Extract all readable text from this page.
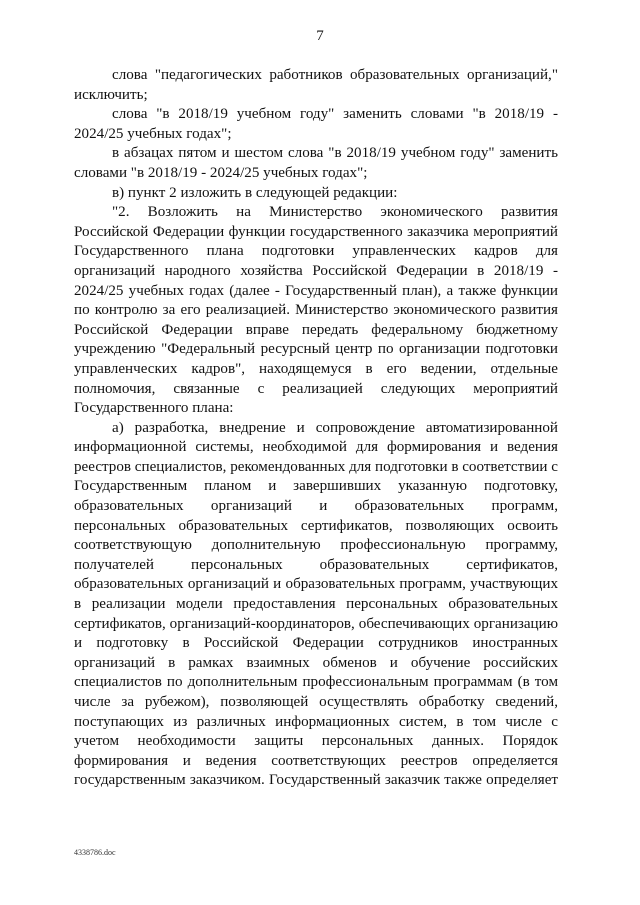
7

слова "педагогических работников образовательных организаций," исключить;

слова "в 2018/19 учебном году" заменить словами "в 2018/19 - 2024/25 учебных годах";

в абзацах пятом и шестом слова "в 2018/19 учебном году" заменить словами "в 2018/19 - 2024/25 учебных годах";

в) пункт 2 изложить в следующей редакции:

"2. Возложить на Министерство экономического развития Российской Федерации функции государственного заказчика мероприятий Государственного плана подготовки управленческих кадров для организаций народного хозяйства Российской Федерации в 2018/19 - 2024/25 учебных годах (далее - Государственный план), а также функции по контролю за его реализацией. Министерство экономического развития Российской Федерации вправе передать федеральному бюджетному учреждению "Федеральный ресурсный центр по организации подготовки управленческих кадров", находящемуся в его ведении, отдельные полномочия, связанные с реализацией следующих мероприятий Государственного плана:

а) разработка, внедрение и сопровождение автоматизированной информационной системы, необходимой для формирования и ведения реестров специалистов, рекомендованных для подготовки в соответствии с Государственным планом и завершивших указанную подготовку, образовательных организаций и образовательных программ, персональных образовательных сертификатов, позволяющих освоить соответствующую дополнительную профессиональную программу, получателей персональных образовательных сертификатов, образовательных организаций и образовательных программ, участвующих в реализации модели предоставления персональных образовательных сертификатов, организаций-координаторов, обеспечивающих организацию и подготовку в Российской Федерации сотрудников иностранных организаций в рамках взаимных обменов и обучение российских специалистов по дополнительным профессиональным программам (в том числе за рубежом), позволяющей осуществлять обработку сведений, поступающих из различных информационных систем, в том числе с учетом необходимости защиты персональных данных. Порядок формирования и ведения соответствующих реестров определяется государственным заказчиком. Государственный заказчик также определяет

4338786.doc
